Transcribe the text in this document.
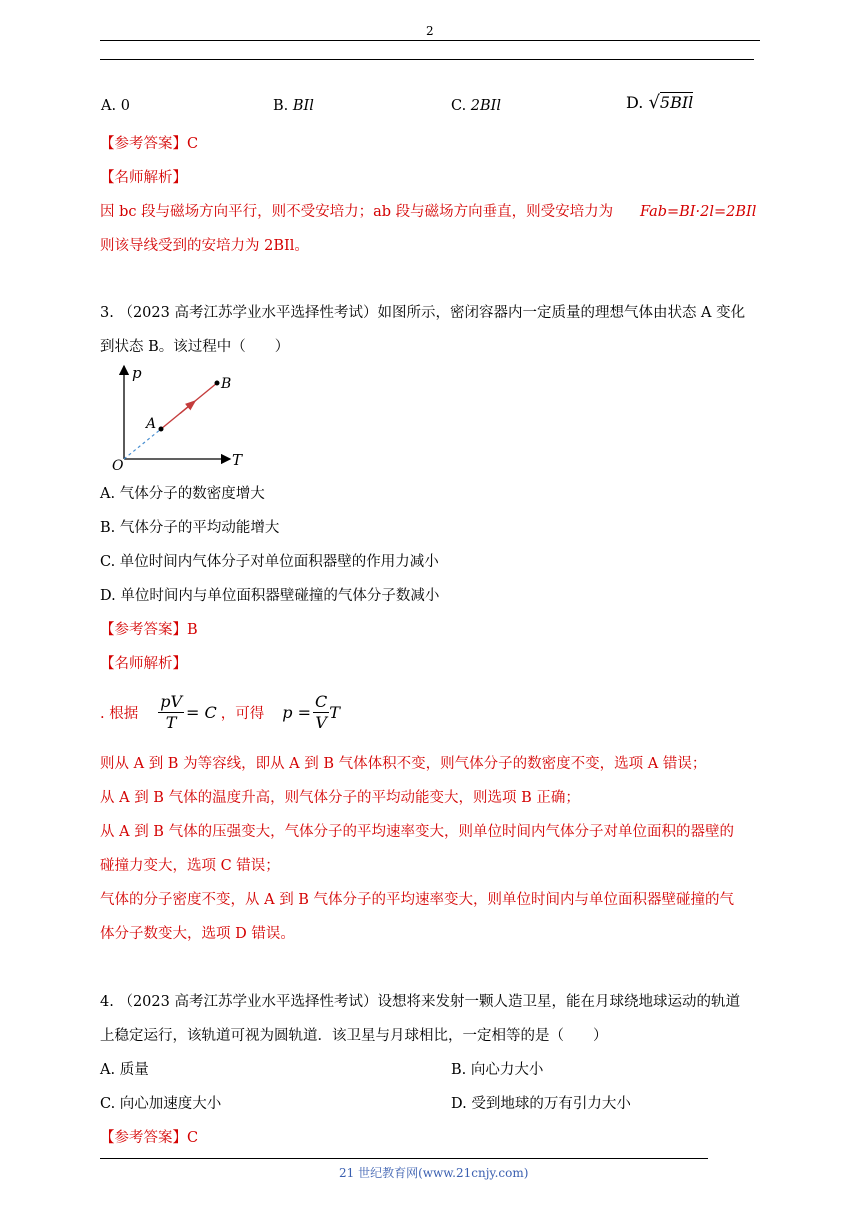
2
A. 0	B. BIl	C. 2BIl	D. √5BIl
【参考答案】C
【名师解析】
因 bc 段与磁场方向平行，则不受安培力；ab 段与磁场方向垂直，则受安培力为 Fab=BI·2l=2BIl
则该导线受到的安培力为 2BIl。
3. （2023 高考江苏学业水平选择性考试）如图所示，密闭容器内一定质量的理想气体由状态 A 变化
到状态 B。该过程中（　　）
p
T
O
A
B
A. 气体分子的数密度增大
B. 气体分子的平均动能增大
C. 单位时间内气体分子对单位面积器壁的作用力减小
D. 单位时间内与单位面积器壁碰撞的气体分子数减小
【参考答案】B
【名师解析】
. 根据 $\frac{pV}{T} = C$ ，可得 $p = \frac{C}{V}$ T
则从 A 到 B 为等容线，即从 A 到 B 气体体积不变，则气体分子的数密度不变，选项 A 错误；
从 A 到 B 气体的温度升高，则气体分子的平均动能变大，则选项 B 正确；
从 A 到 B 气体的压强变大，气体分子的平均速率变大，则单位时间内气体分子对单位面积的器壁的
碰撞力变大，选项 C 错误；
气体的分子密度不变，从 A 到 B 气体分子的平均速率变大，则单位时间内与单位面积器壁碰撞的气
体分子数变大，选项 D 错误。
4. （2023 高考江苏学业水平选择性考试）设想将来发射一颗人造卫星，能在月球绕地球运动的轨道
上稳定运行，该轨道可视为圆轨道．该卫星与月球相比，一定相等的是（　　）
A. 质量	B. 向心力大小
C. 向心加速度大小	D. 受到地球的万有引力大小
【参考答案】C
21 世纪教育网(www.21cnjy.com)
